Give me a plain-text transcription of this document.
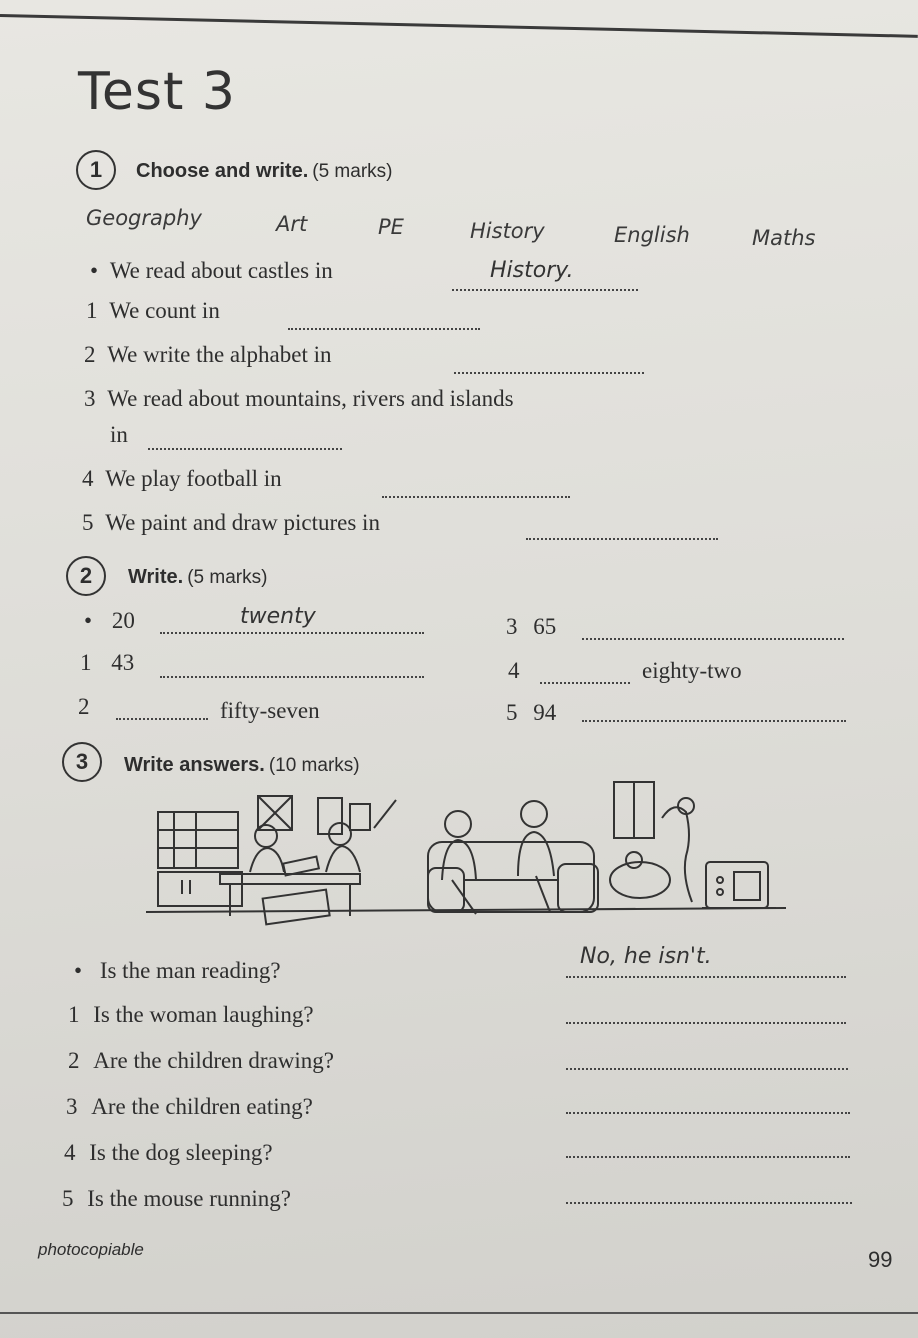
Test 3
1	Choose and write. (5 marks)
Geography	Art	PE	History	English	Maths
• We read about castles in	History.
1 We count in
2 We write the alphabet in
3 We read about mountains, rivers and islands
in
4 We play football in
5 We paint and draw pictures in
2	Write. (5 marks)
• 20	twenty
1 43
2	fifty-seven
3 65
4	eighty-two
5 94
3	Write answers. (10 marks)
• Is the man reading?
No, he isn't.
1 Is the woman laughing?
2 Are the children drawing?
3 Are the children eating?
4 Is the dog sleeping?
5 Is the mouse running?
photocopiable	99
